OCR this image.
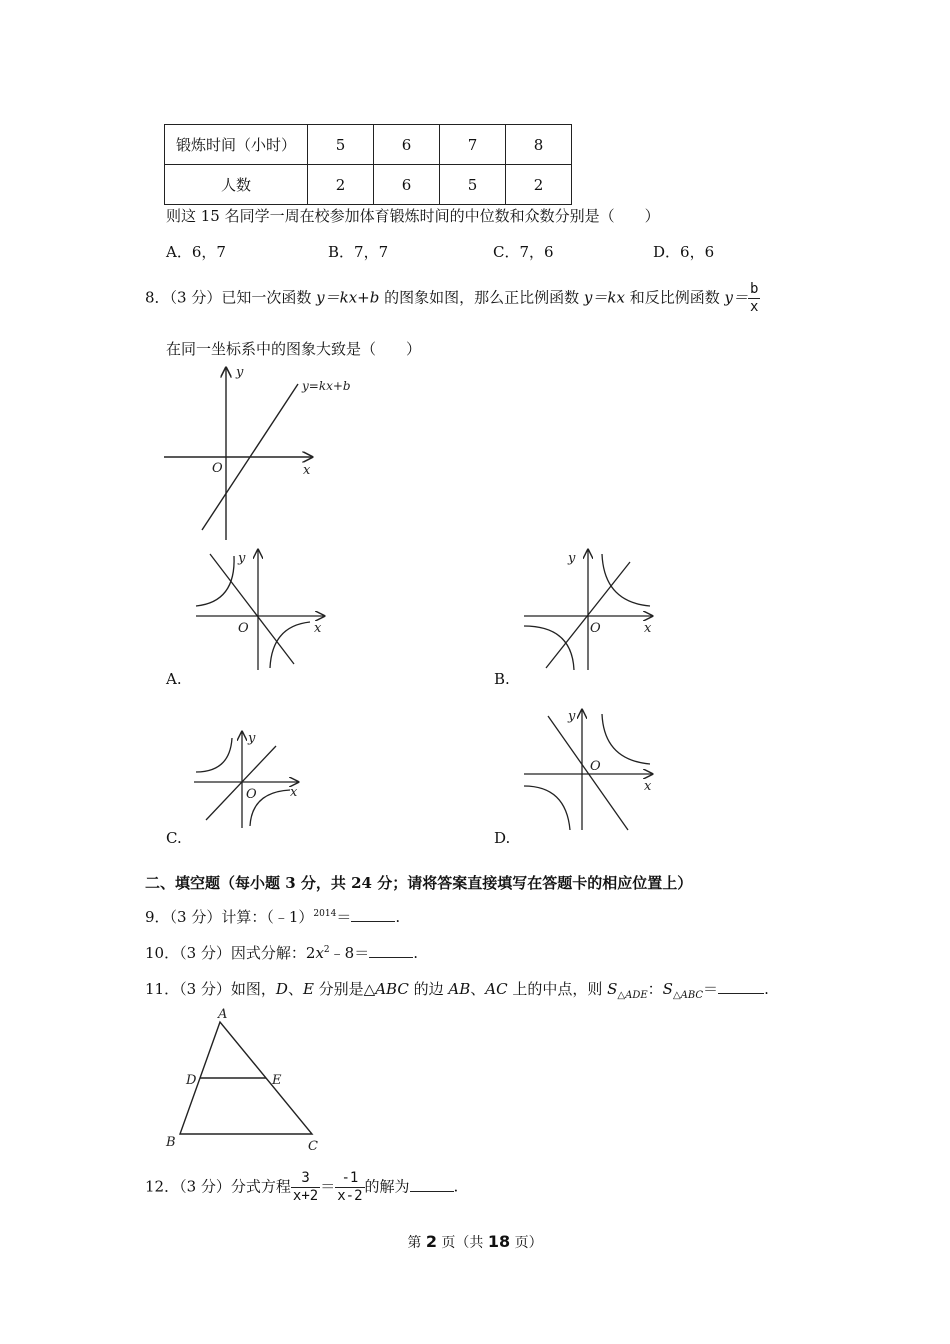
锻炼时间（小时）	5	6	7	8
人数	2	6	5	2
则这 15 名同学一周在校参加体育锻炼时间的中位数和众数分别是（　　）
A．6，7	B．7，7	C．7，6	D．6，6
8．（3 分）已知一次函数 y＝kx+b 的图象如图，那么正比例函数 y＝kx 和反比例函数 $y= \frac{b}{x}$
在同一坐标系中的图象大致是（　　）
y
x
O
y=kx+b
y
x
O
A.
y
x
O
B.
y
x
O
C.
y
x
O
D.
二、填空题（每小题 3 分，共 24 分；请将答案直接填写在答题卡的相应位置上）
9．（3 分）计算：（﹣1）$^{2014}$＝	.
10．（3 分）因式分解：$2x^2﹣8=$	.
11．（3 分）如图，D、E 分别是△ABC 的边 AB、AC 上的中点，则 $S_{\triangle ADE}$：$S_{\triangle ABC}=$	.
A
B	C
D	E
12．（3 分）分式方程 $\frac{3}{x+2} = \frac{-1}{x-2}$ 的解为	.
第 2 页（共 18 页）
